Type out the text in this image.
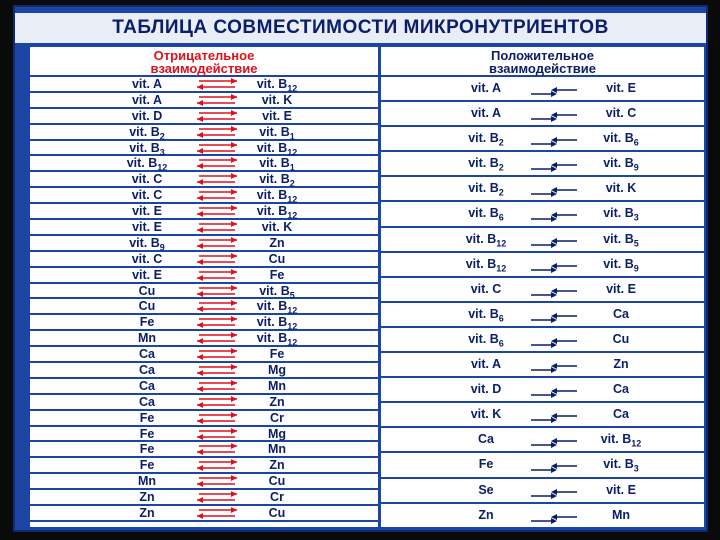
ТАБЛИЦА СОВМЕСТИМОСТИ МИКРОНУТРИЕНТОВ
Отрицательное
взаимодействие
vit. A	vit. $B_{12}$
vit. A	vit. K
vit. D	vit. E
vit. $B_2$	vit. $B_1$
vit. $B_3$	vit. $B_{12}$
vit. $B_{12}$	vit. $B_1$
vit. C	vit. $B_2$
vit. C	vit. $B_{12}$
vit. E	vit. $B_{12}$
vit. E	vit. K
vit. $B_9$	Zn
vit. C	Cu
vit. E	Fe
Cu	vit. $B_5$
Cu	vit. $B_{12}$
Fe	vit. $B_{12}$
Mn	vit. $B_{12}$
Ca	Fe
Ca	Mg
Ca	Mn
Ca	Zn
Fe	Cr
Fe	Mg
Fe	Mn
Fe	Zn
Mn	Cu
Zn	Cr
Zn	Cu
Положительное
взаимодействие
vit. A	vit. E
vit. A	vit. C
vit. $B_2$	vit. $B_6$
vit. $B_2$	vit. $B_9$
vit. $B_2$	vit. K
vit. $B_6$	vit. $B_3$
vit. $B_{12}$	vit. $B_5$
vit. $B_{12}$	vit. $B_9$
vit. C	vit. E
vit. $B_6$	Ca
vit. $B_6$	Cu
vit. A	Zn
vit. D	Ca
vit. K	Ca
Ca	vit. $B_{12}$
Fe	vit. $B_3$
Se	vit. E
Zn	Mn
